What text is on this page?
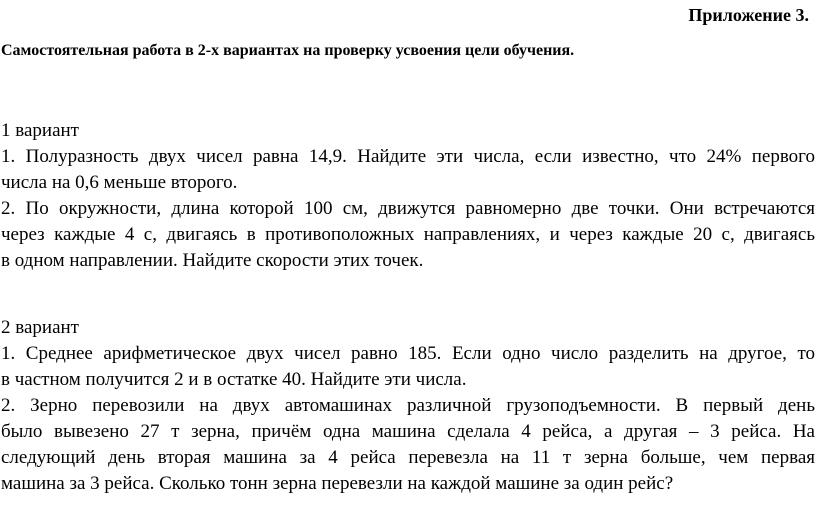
Приложение 3.
Самостоятельная работа в 2-х вариантах на проверку усвоения цели обучения.
1 вариант
1. Полуразность двух чисел равна 14,9. Найдите эти числа, если известно, что 24% первого
числа на 0,6 меньше второго.
2. По окружности, длина которой 100 см, движутся равномерно две точки. Они встречаются
через каждые 4 с, двигаясь в противоположных направлениях, и через каждые 20 с, двигаясь
в одном направлении. Найдите скорости этих точек.
2 вариант
1. Среднее арифметическое двух чисел равно 185. Если одно число разделить на другое, то
в частном получится 2 и в остатке 40. Найдите эти числа.
2. Зерно перевозили на двух автомашинах различной грузоподъемности. В первый день
было вывезено 27 т зерна, причём одна машина сделала 4 рейса, а другая – 3 рейса. На
следующий день вторая машина за 4 рейса перевезла на 11 т зерна больше, чем первая
машина за 3 рейса. Сколько тонн зерна перевезли на каждой машине за один рейс?
